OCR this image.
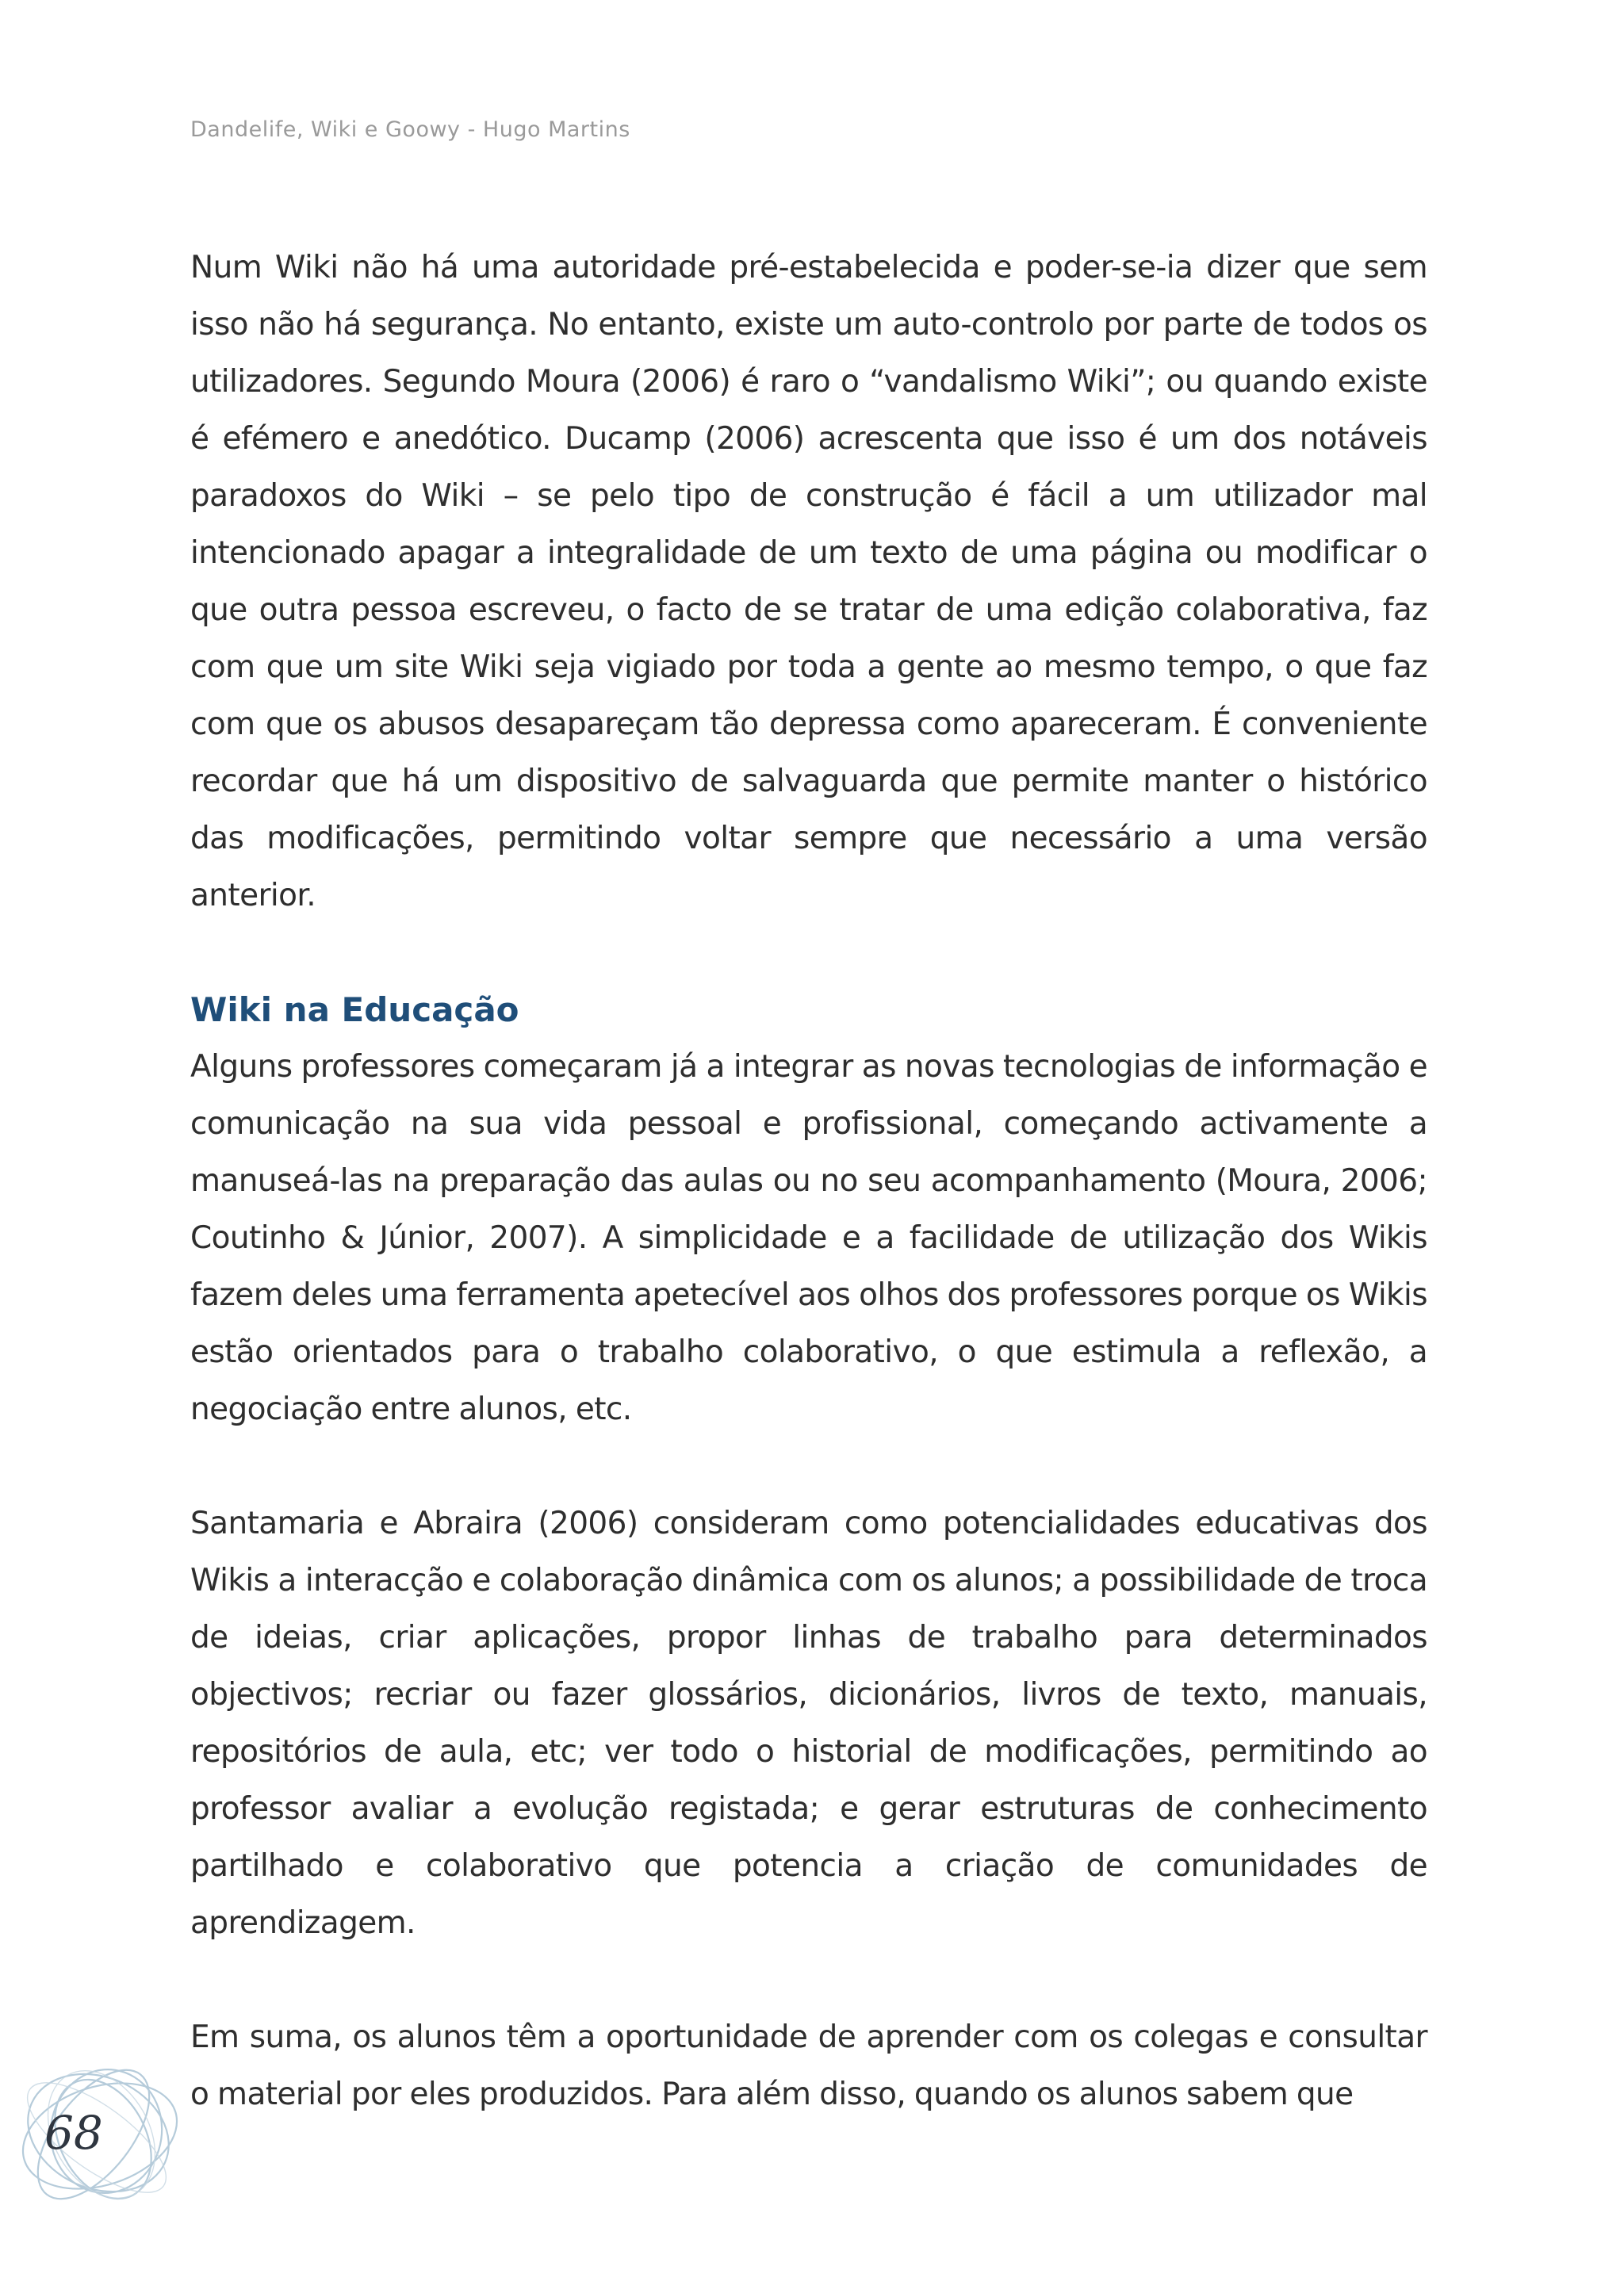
Dandelife, Wiki e Goowy - Hugo Martins

Num Wiki não há uma autoridade pré-estabelecida e poder-se-ia dizer que sem isso não há segurança. No entanto, existe um auto-controlo por parte de todos os utilizadores. Segundo Moura (2006) é raro o “vandalismo Wiki”; ou quando existe é efémero e anedótico. Ducamp (2006) acrescenta que isso é um dos notáveis paradoxos do Wiki – se pelo tipo de construção é fácil a um utilizador mal intencionado apagar a integralidade de um texto de uma página ou modificar o que outra pessoa escreveu, o facto de se tratar de uma edição colaborativa, faz com que um site Wiki seja vigiado por toda a gente ao mesmo tempo, o que faz com que os abusos desapareçam tão depressa como apareceram. É conveniente recordar que há um dispositivo de salvaguarda que permite manter o histórico das modificações, permitindo voltar sempre que necessário a uma versão anterior.

Wiki na Educação

Alguns professores começaram já a integrar as novas tecnologias de informação e comunicação na sua vida pessoal e profissional, começando activamente a manuseá-las na preparação das aulas ou no seu acompanhamento (Moura, 2006; Coutinho & Júnior, 2007). A simplicidade e a facilidade de utilização dos Wikis fazem deles uma ferramenta apetecível aos olhos dos professores porque os Wikis estão orientados para o trabalho colaborativo, o que estimula a reflexão, a negociação entre alunos, etc.

Santamaria e Abraira (2006) consideram como potencialidades educativas dos Wikis a interacção e colaboração dinâmica com os alunos; a possibilidade de troca de ideias, criar aplicações, propor linhas de trabalho para determinados objectivos; recriar ou fazer glossários, dicionários, livros de texto, manuais, repositórios de aula, etc; ver todo o historial de modificações, permitindo ao professor avaliar a evolução registada; e gerar estruturas de conhecimento partilhado e colaborativo que potencia a criação de comunidades de aprendizagem.

Em suma, os alunos têm a oportunidade de aprender com os colegas e consultar o material por eles produzidos. Para além disso, quando os alunos sabem que

68
